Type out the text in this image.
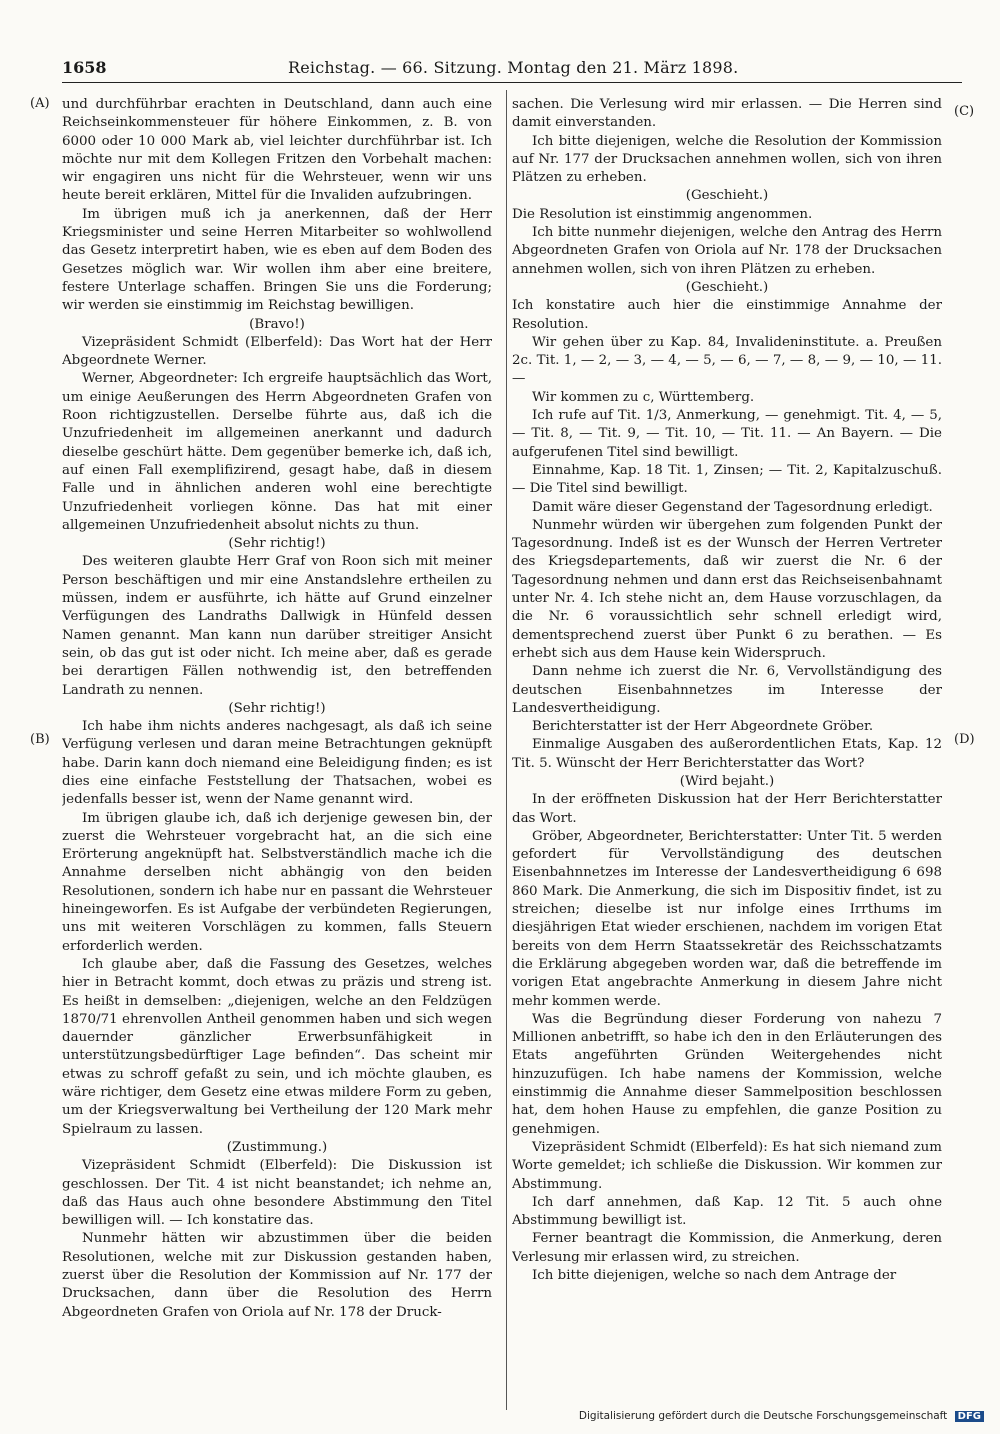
1658	Reichstag. — 66. Sitzung. Montag den 21. März 1898.
(A)
(B)
(C)
(D)

und durchführbar erachten in Deutschland, dann auch eine Reichseinkommensteuer für höhere Einkommen, z. B. von 6000 oder 10 000 Mark ab, viel leichter durchführbar ist. Ich möchte nur mit dem Kollegen Fritzen den Vorbehalt machen: wir engagiren uns nicht für die Wehrsteuer, wenn wir uns heute bereit erklären, Mittel für die Invaliden aufzubringen.

Im übrigen muß ich ja anerkennen, daß der Herr Kriegsminister und seine Herren Mitarbeiter so wohlwollend das Gesetz interpretirt haben, wie es eben auf dem Boden des Gesetzes möglich war. Wir wollen ihm aber eine breitere, festere Unterlage schaffen. Bringen Sie uns die Forderung; wir werden sie einstimmig im Reichstag bewilligen.

(Bravo!)

Vizepräsident Schmidt (Elberfeld): Das Wort hat der Herr Abgeordnete Werner.

Werner, Abgeordneter: Ich ergreife hauptsächlich das Wort, um einige Aeußerungen des Herrn Abgeordneten Grafen von Roon richtigzustellen. Derselbe führte aus, daß ich die Unzufriedenheit im allgemeinen anerkannt und dadurch dieselbe geschürt hätte. Dem gegenüber bemerke ich, daß ich, auf einen Fall exemplifizirend, gesagt habe, daß in diesem Falle und in ähnlichen anderen wohl eine berechtigte Unzufriedenheit vorliegen könne. Das hat mit einer allgemeinen Unzufriedenheit absolut nichts zu thun.

(Sehr richtig!)

Des weiteren glaubte Herr Graf von Roon sich mit meiner Person beschäftigen und mir eine Anstandslehre ertheilen zu müssen, indem er ausführte, ich hätte auf Grund einzelner Verfügungen des Landraths Dallwigk in Hünfeld dessen Namen genannt. Man kann nun darüber streitiger Ansicht sein, ob das gut ist oder nicht. Ich meine aber, daß es gerade bei derartigen Fällen nothwendig ist, den betreffenden Landrath zu nennen.

(Sehr richtig!)

Ich habe ihm nichts anderes nachgesagt, als daß ich seine Verfügung verlesen und daran meine Betrachtungen geknüpft habe. Darin kann doch niemand eine Beleidigung finden; es ist dies eine einfache Feststellung der Thatsachen, wobei es jedenfalls besser ist, wenn der Name genannt wird.

Im übrigen glaube ich, daß ich derjenige gewesen bin, der zuerst die Wehrsteuer vorgebracht hat, an die sich eine Erörterung angeknüpft hat. Selbstverständlich mache ich die Annahme derselben nicht abhängig von den beiden Resolutionen, sondern ich habe nur en passant die Wehrsteuer hineingeworfen. Es ist Aufgabe der verbündeten Regierungen, uns mit weiteren Vorschlägen zu kommen, falls Steuern erforderlich werden.

Ich glaube aber, daß die Fassung des Gesetzes, welches hier in Betracht kommt, doch etwas zu präzis und streng ist. Es heißt in demselben: „diejenigen, welche an den Feldzügen 1870/71 ehrenvollen Antheil genommen haben und sich wegen dauernder gänzlicher Erwerbsunfähigkeit in unterstützungsbedürftiger Lage befinden“. Das scheint mir etwas zu schroff gefaßt zu sein, und ich möchte glauben, es wäre richtiger, dem Gesetz eine etwas mildere Form zu geben, um der Kriegsverwaltung bei Vertheilung der 120 Mark mehr Spielraum zu lassen.

(Zustimmung.)

Vizepräsident Schmidt (Elberfeld): Die Diskussion ist geschlossen. Der Tit. 4 ist nicht beanstandet; ich nehme an, daß das Haus auch ohne besondere Abstimmung den Titel bewilligen will. — Ich konstatire das.

Nunmehr hätten wir abzustimmen über die beiden Resolutionen, welche mit zur Diskussion gestanden haben, zuerst über die Resolution der Kommission auf Nr. 177 der Drucksachen, dann über die Resolution des Herrn Abgeordneten Grafen von Oriola auf Nr. 178 der Druck-

sachen. Die Verlesung wird mir erlassen. — Die Herren sind damit einverstanden.

Ich bitte diejenigen, welche die Resolution der Kommission auf Nr. 177 der Drucksachen annehmen wollen, sich von ihren Plätzen zu erheben.

(Geschieht.)

Die Resolution ist einstimmig angenommen.

Ich bitte nunmehr diejenigen, welche den Antrag des Herrn Abgeordneten Grafen von Oriola auf Nr. 178 der Drucksachen annehmen wollen, sich von ihren Plätzen zu erheben.

(Geschieht.)

Ich konstatire auch hier die einstimmige Annahme der Resolution.

Wir gehen über zu Kap. 84, Invalideninstitute. a. Preußen 2c. Tit. 1, — 2, — 3, — 4, — 5, — 6, — 7, — 8, — 9, — 10, — 11. —

Wir kommen zu c, Württemberg.

Ich rufe auf Tit. 1/3, Anmerkung, — genehmigt. Tit. 4, — 5, — Tit. 8, — Tit. 9, — Tit. 10, — Tit. 11. — An Bayern. — Die aufgerufenen Titel sind bewilligt.

Einnahme, Kap. 18 Tit. 1, Zinsen; — Tit. 2, Kapitalzuschuß. — Die Titel sind bewilligt.

Damit wäre dieser Gegenstand der Tagesordnung erledigt.

Nunmehr würden wir übergehen zum folgenden Punkt der Tagesordnung. Indeß ist es der Wunsch der Herren Vertreter des Kriegsdepartements, daß wir zuerst die Nr. 6 der Tagesordnung nehmen und dann erst das Reichseisenbahnamt unter Nr. 4. Ich stehe nicht an, dem Hause vorzuschlagen, da die Nr. 6 voraussichtlich sehr schnell erledigt wird, dementsprechend zuerst über Punkt 6 zu berathen. — Es erhebt sich aus dem Hause kein Widerspruch.

Dann nehme ich zuerst die Nr. 6, Vervollständigung des deutschen Eisenbahnnetzes im Interesse der Landesvertheidigung.

Berichterstatter ist der Herr Abgeordnete Gröber.

Einmalige Ausgaben des außerordentlichen Etats, Kap. 12 Tit. 5. Wünscht der Herr Berichterstatter das Wort?

(Wird bejaht.)

In der eröffneten Diskussion hat der Herr Berichterstatter das Wort.

Gröber, Abgeordneter, Berichterstatter: Unter Tit. 5 werden gefordert für Vervollständigung des deutschen Eisenbahnnetzes im Interesse der Landesvertheidigung 6 698 860 Mark. Die Anmerkung, die sich im Dispositiv findet, ist zu streichen; dieselbe ist nur infolge eines Irrthums im diesjährigen Etat wieder erschienen, nachdem im vorigen Etat bereits von dem Herrn Staatssekretär des Reichsschatzamts die Erklärung abgegeben worden war, daß die betreffende im vorigen Etat angebrachte Anmerkung in diesem Jahre nicht mehr kommen werde.

Was die Begründung dieser Forderung von nahezu 7 Millionen anbetrifft, so habe ich den in den Erläuterungen des Etats angeführten Gründen Weitergehendes nicht hinzuzufügen. Ich habe namens der Kommission, welche einstimmig die Annahme dieser Sammelposition beschlossen hat, dem hohen Hause zu empfehlen, die ganze Position zu genehmigen.

Vizepräsident Schmidt (Elberfeld): Es hat sich niemand zum Worte gemeldet; ich schließe die Diskussion. Wir kommen zur Abstimmung.

Ich darf annehmen, daß Kap. 12 Tit. 5 auch ohne Abstimmung bewilligt ist.

Ferner beantragt die Kommission, die Anmerkung, deren Verlesung mir erlassen wird, zu streichen.

Ich bitte diejenigen, welche so nach dem Antrage der

Digitalisierung gefördert durch die Deutsche Forschungsgemeinschaft DFG
